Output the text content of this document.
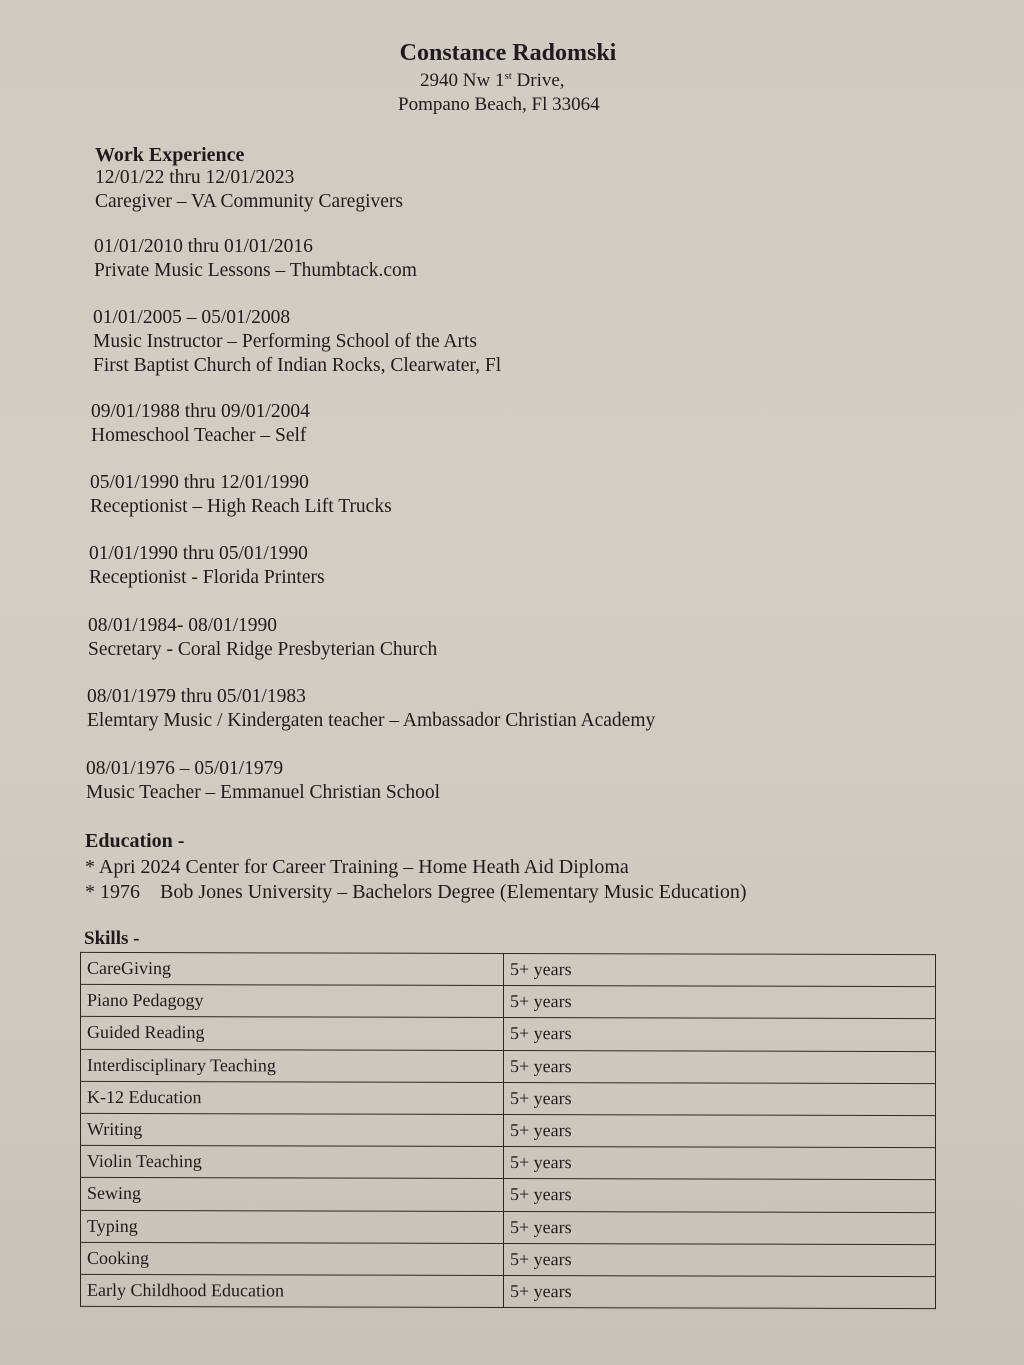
Constance Radomski
2940 Nw 1st Drive,
Pompano Beach, Fl 33064
Work Experience
12/01/22 thru 12/01/2023
Caregiver – VA Community Caregivers
01/01/2010 thru 01/01/2016
Private Music Lessons – Thumbtack.com
01/01/2005 – 05/01/2008
Music Instructor – Performing School of the Arts
First Baptist Church of Indian Rocks, Clearwater, Fl
09/01/1988 thru 09/01/2004
Homeschool Teacher – Self
05/01/1990 thru 12/01/1990
Receptionist – High Reach Lift Trucks
01/01/1990 thru 05/01/1990
Receptionist - Florida Printers
08/01/1984- 08/01/1990
Secretary - Coral Ridge Presbyterian Church
08/01/1979 thru 05/01/1983
Elemtary Music / Kindergaten teacher – Ambassador Christian Academy
08/01/1976 – 05/01/1979
Music Teacher – Emmanuel Christian School
Education -
* Apri 2024 Center for Career Training – Home Heath Aid Diploma
* 1976    Bob Jones University – Bachelors Degree (Elementary Music Education)
Skills -
CareGiving	5+ years
Piano Pedagogy	5+ years
Guided Reading	5+ years
Interdisciplinary Teaching	5+ years
K-12 Education	5+ years
Writing	5+ years
Violin Teaching	5+ years
Sewing	5+ years
Typing	5+ years
Cooking	5+ years
Early Childhood Education	5+ years
